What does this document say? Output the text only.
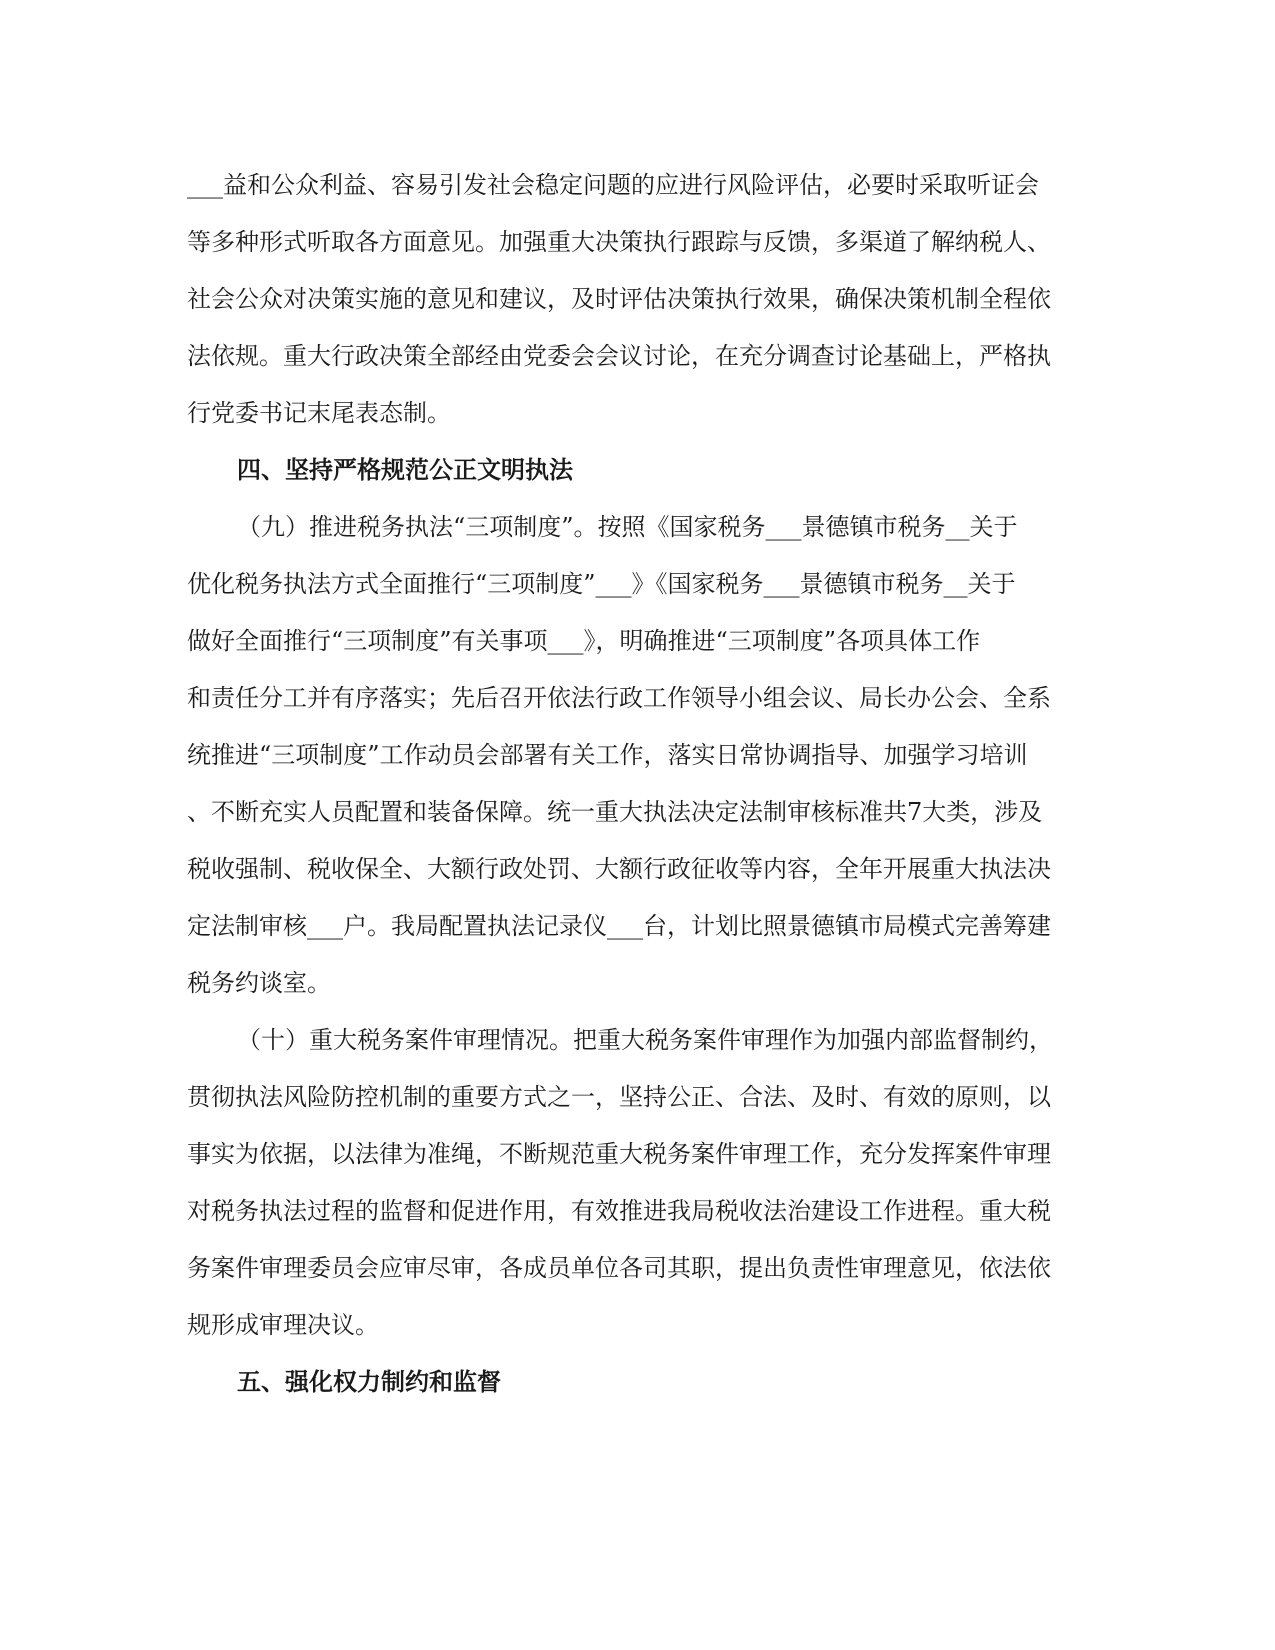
___益和公众利益、容易引发社会稳定问题的应进行风险评估，必要时采取听证会
等多种形式听取各方面意见。加强重大决策执行跟踪与反馈，多渠道了解纳税人、
社会公众对决策实施的意见和建议，及时评估决策执行效果，确保决策机制全程依
法依规。重大行政决策全部经由党委会会议讨论，在充分调查讨论基础上，严格执
行党委书记末尾表态制。
四、坚持严格规范公正文明执法
（九）推进税务执法“三项制度”。按照《国家税务___景德镇市税务__关于
优化税务执法方式全面推行“三项制度”___》《国家税务___景德镇市税务__关于
做好全面推行“三项制度”有关事项___》，明确推进“三项制度”各项具体工作
和责任分工并有序落实；先后召开依法行政工作领导小组会议、局长办公会、全系
统推进“三项制度”工作动员会部署有关工作，落实日常协调指导、加强学习培训
、不断充实人员配置和装备保障。统一重大执法决定法制审核标准共7大类，涉及
税收强制、税收保全、大额行政处罚、大额行政征收等内容，全年开展重大执法决
定法制审核___户。我局配置执法记录仪___台，计划比照景德镇市局模式完善筹建
税务约谈室。
（十）重大税务案件审理情况。把重大税务案件审理作为加强内部监督制约，
贯彻执法风险防控机制的重要方式之一，坚持公正、合法、及时、有效的原则，以
事实为依据，以法律为准绳，不断规范重大税务案件审理工作，充分发挥案件审理
对税务执法过程的监督和促进作用，有效推进我局税收法治建设工作进程。重大税
务案件审理委员会应审尽审，各成员单位各司其职，提出负责性审理意见，依法依
规形成审理决议。
五、强化权力制约和监督
